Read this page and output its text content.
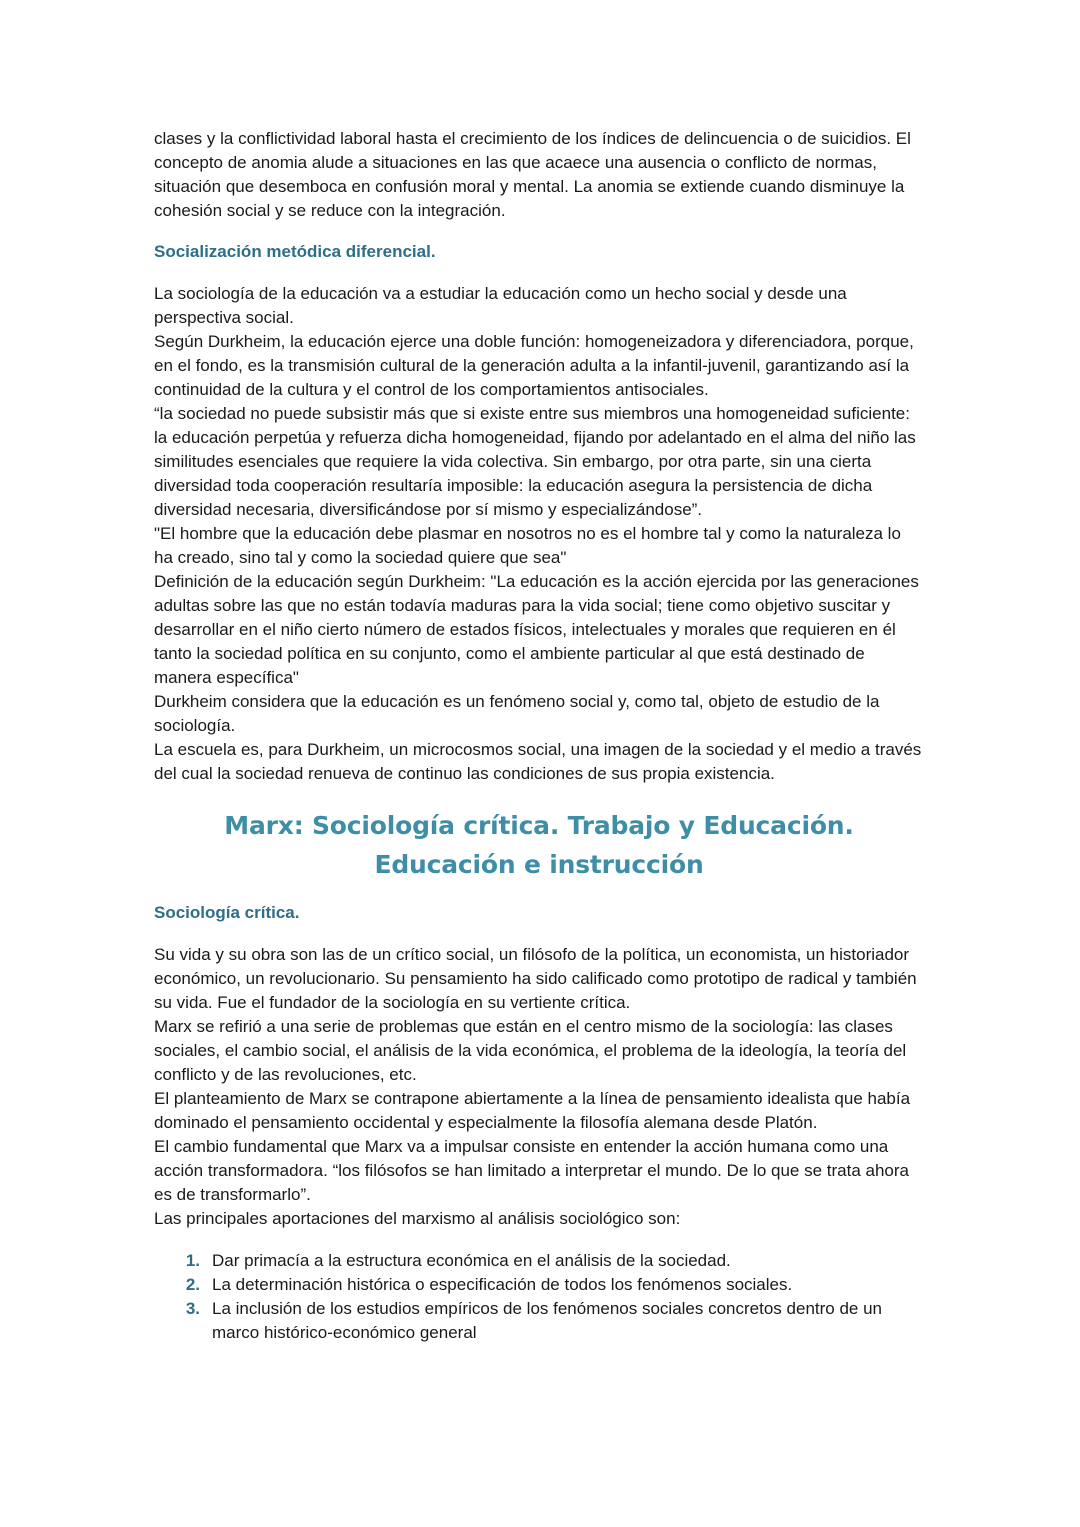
clases y la conflictividad laboral hasta el crecimiento de los índices de delincuencia o de suicidios. El concepto de anomia alude a situaciones en las que acaece una ausencia o conflicto de normas, situación que desemboca en confusión moral y mental. La anomia se extiende cuando disminuye la cohesión social y se reduce con la integración.

Socialización metódica diferencial.

La sociología de la educación va a estudiar la educación como un hecho social y desde una perspectiva social.

Según Durkheim, la educación ejerce una doble función: homogeneizadora y diferenciadora, porque, en el fondo, es la transmisión cultural de la generación adulta a la infantil-juvenil, garantizando así la continuidad de la cultura y el control de los comportamientos antisociales.

“la sociedad no puede subsistir más que si existe entre sus miembros una homogeneidad suficiente: la educación perpetúa y refuerza dicha homogeneidad, fijando por adelantado en el alma del niño las similitudes esenciales que requiere la vida colectiva. Sin embargo, por otra parte, sin una cierta diversidad toda cooperación resultaría imposible: la educación asegura la persistencia de dicha diversidad necesaria, diversificándose por sí mismo y especializándose”.

"El hombre que la educación debe plasmar en nosotros no es el hombre tal y como la naturaleza lo ha creado, sino tal y como la sociedad quiere que sea"

Definición de la educación según Durkheim: "La educación es la acción ejercida por las generaciones adultas sobre las que no están todavía maduras para la vida social; tiene como objetivo suscitar y desarrollar en el niño cierto número de estados físicos, intelectuales y morales que requieren en él tanto la sociedad política en su conjunto, como el ambiente particular al que está destinado de manera específica"

Durkheim considera que la educación es un fenómeno social y, como tal, objeto de estudio de la sociología.

La escuela es, para Durkheim, un microcosmos social, una imagen de la sociedad y el medio a través del cual la sociedad renueva de continuo las condiciones de sus propia existencia.

Marx: Sociología crítica. Trabajo y Educación. Educación e instrucción
Sociología crítica.

Su vida y su obra son las de un crítico social, un filósofo de la política, un economista, un historiador económico, un revolucionario. Su pensamiento ha sido calificado como prototipo de radical y también su vida. Fue el fundador de la sociología en su vertiente crítica.

Marx se refirió a una serie de problemas que están en el centro mismo de la sociología: las clases sociales, el cambio social, el análisis de la vida económica, el problema de la ideología, la teoría del conflicto y de las revoluciones, etc.

El planteamiento de Marx se contrapone abiertamente a la línea de pensamiento idealista que había dominado el pensamiento occidental y especialmente la filosofía alemana desde Platón.

El cambio fundamental que Marx va a impulsar consiste en entender la acción humana como una acción transformadora. “los filósofos se han limitado a interpretar el mundo. De lo que se trata ahora es de transformarlo”.

Las principales aportaciones del marxismo al análisis sociológico son:

1. Dar primacía a la estructura económica en el análisis de la sociedad.
2. La determinación histórica o especificación de todos los fenómenos sociales.
3. La inclusión de los estudios empíricos de los fenómenos sociales concretos dentro de un marco histórico-económico general
